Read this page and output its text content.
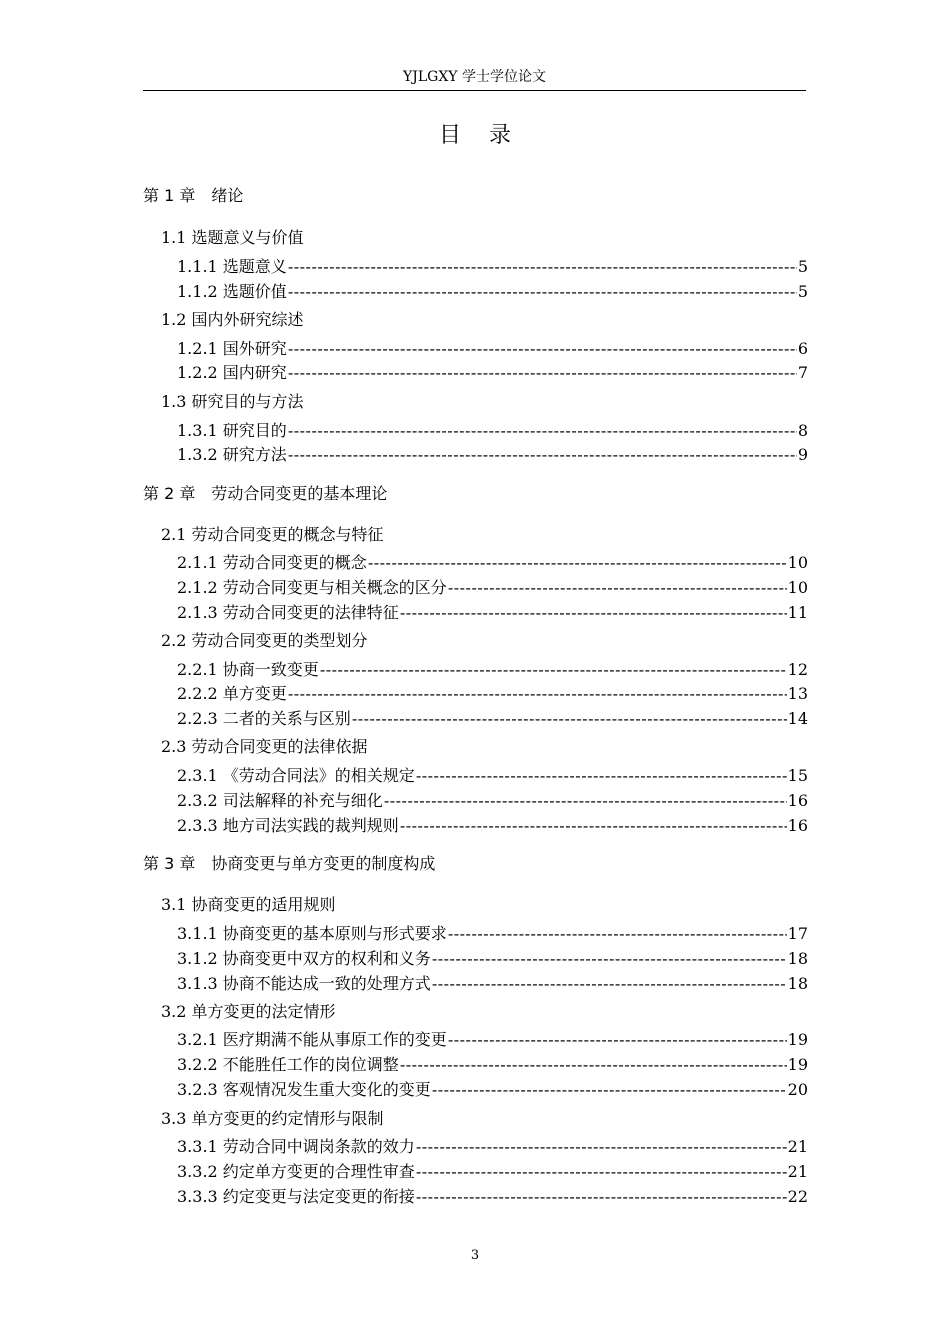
YJLGXY 学士学位论文
目录
第 1 章 绪论
1.1 选题意义与价值
1.1.1 选题意义 -----	5
1.1.2 选题价值 -----	5
1.2 国内外研究综述
1.2.1 国外研究 -----	6
1.2.2 国内研究 -----	7
1.3 研究目的与方法
1.3.1 研究目的 -----	8
1.3.2 研究方法 -----	9
第 2 章 劳动合同变更的基本理论
2.1 劳动合同变更的概念与特征
2.1.1 劳动合同变更的概念 -----	10
2.1.2 劳动合同变更与相关概念的区分 -----	10
2.1.3 劳动合同变更的法律特征 -----	11
2.2 劳动合同变更的类型划分
2.2.1 协商一致变更 -----	12
2.2.2 单方变更 -----	13
2.2.3 二者的关系与区别 -----	14
2.3 劳动合同变更的法律依据
2.3.1 《劳动合同法》的相关规定 -----	15
2.3.2 司法解释的补充与细化 -----	16
2.3.3 地方司法实践的裁判规则 -----	16
第 3 章 协商变更与单方变更的制度构成
3.1 协商变更的适用规则
3.1.1 协商变更的基本原则与形式要求 -----	17
3.1.2 协商变更中双方的权利和义务 -----	18
3.1.3 协商不能达成一致的处理方式 -----	18
3.2 单方变更的法定情形
3.2.1 医疗期满不能从事原工作的变更 -----	19
3.2.2 不能胜任工作的岗位调整 -----	19
3.2.3 客观情况发生重大变化的变更 -----	20
3.3 单方变更的约定情形与限制
3.3.1 劳动合同中调岗条款的效力 -----	21
3.3.2 约定单方变更的合理性审查 -----	21
3.3.3 约定变更与法定变更的衔接 -----	22
3
